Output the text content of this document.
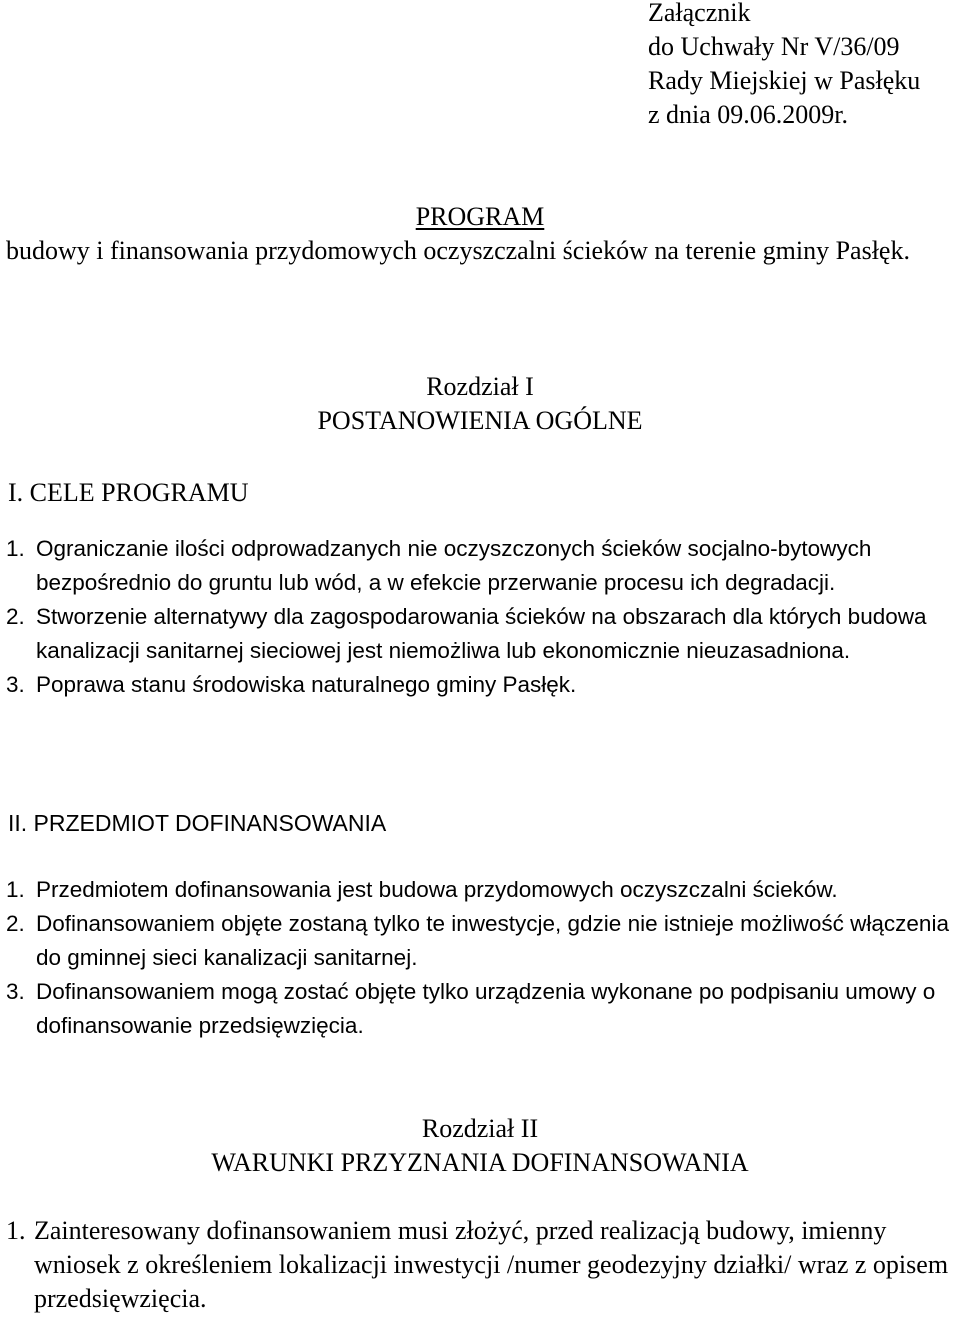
Załącznik
do Uchwały Nr V/36/09
Rady Miejskiej w Pasłęku
z dnia 09.06.2009r.
PROGRAM
budowy i finansowania przydomowych oczyszczalni ścieków na terenie gminy Pasłęk.
Rozdział I
POSTANOWIENIA OGÓLNE
I. CELE PROGRAMU
1. Ograniczanie ilości odprowadzanych nie oczyszczonych ścieków socjalno-bytowych bezpośrednio do gruntu lub wód, a w efekcie przerwanie procesu ich degradacji.
2. Stworzenie alternatywy dla zagospodarowania ścieków na obszarach dla których budowa kanalizacji sanitarnej sieciowej jest niemożliwa lub ekonomicznie nieuzasadniona.
3. Poprawa stanu środowiska naturalnego gminy Pasłęk.
II. PRZEDMIOT DOFINANSOWANIA
1. Przedmiotem dofinansowania jest budowa przydomowych oczyszczalni ścieków.
2. Dofinansowaniem objęte zostaną tylko te inwestycje, gdzie nie istnieje możliwość włączenia do gminnej sieci kanalizacji sanitarnej.
3. Dofinansowaniem mogą zostać objęte tylko urządzenia wykonane po podpisaniu umowy o dofinansowanie przedsięwzięcia.
Rozdział II
WARUNKI PRZYZNANIA DOFINANSOWANIA
1. Zainteresowany dofinansowaniem musi złożyć, przed realizacją budowy, imienny wniosek z określeniem lokalizacji inwestycji /numer geodezyjny działki/ wraz z opisem przedsięwzięcia.
